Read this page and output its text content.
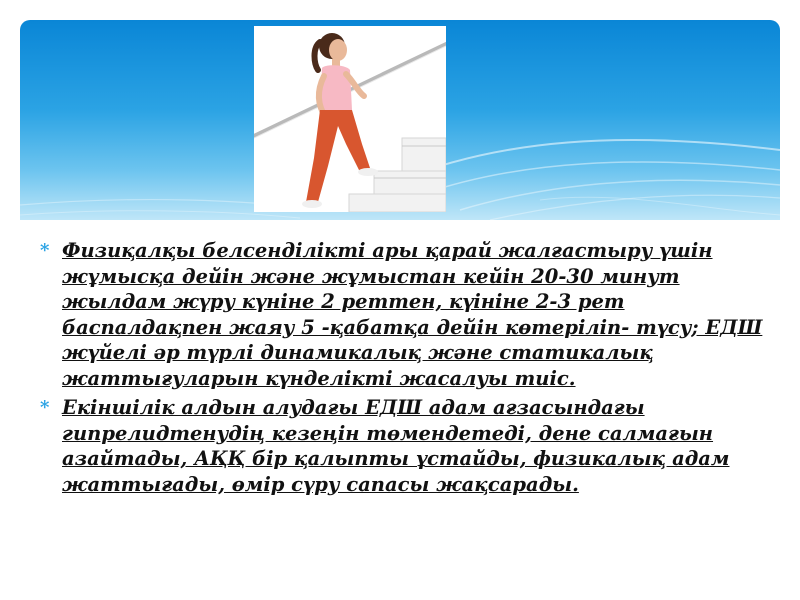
* Физиқалқы белсенділікті ары қарай жалғастыру үшін жұмысқа дейін және жұмыстан кейін 20-30 минут жылдам жүру күніне 2 реттен, күініне 2-3 рет баспалдақпен жаяу 5 -қабатқа дейін көтеріліп- түсу; ЕДШ жүйелі әр түрлі динамикалық және статикалық жаттығуларын күнделікті жасалуы тиіс.
* Екіншілік алдын алудағы ЕДШ адам ағзасындағы гипрелидтенудің кезеңін төмендетеді, дене салмағын азайтады, АҚҚ бір қалыпты ұстайды, физикалық адам жаттығады, өмір сүру сапасы жақсарады.
